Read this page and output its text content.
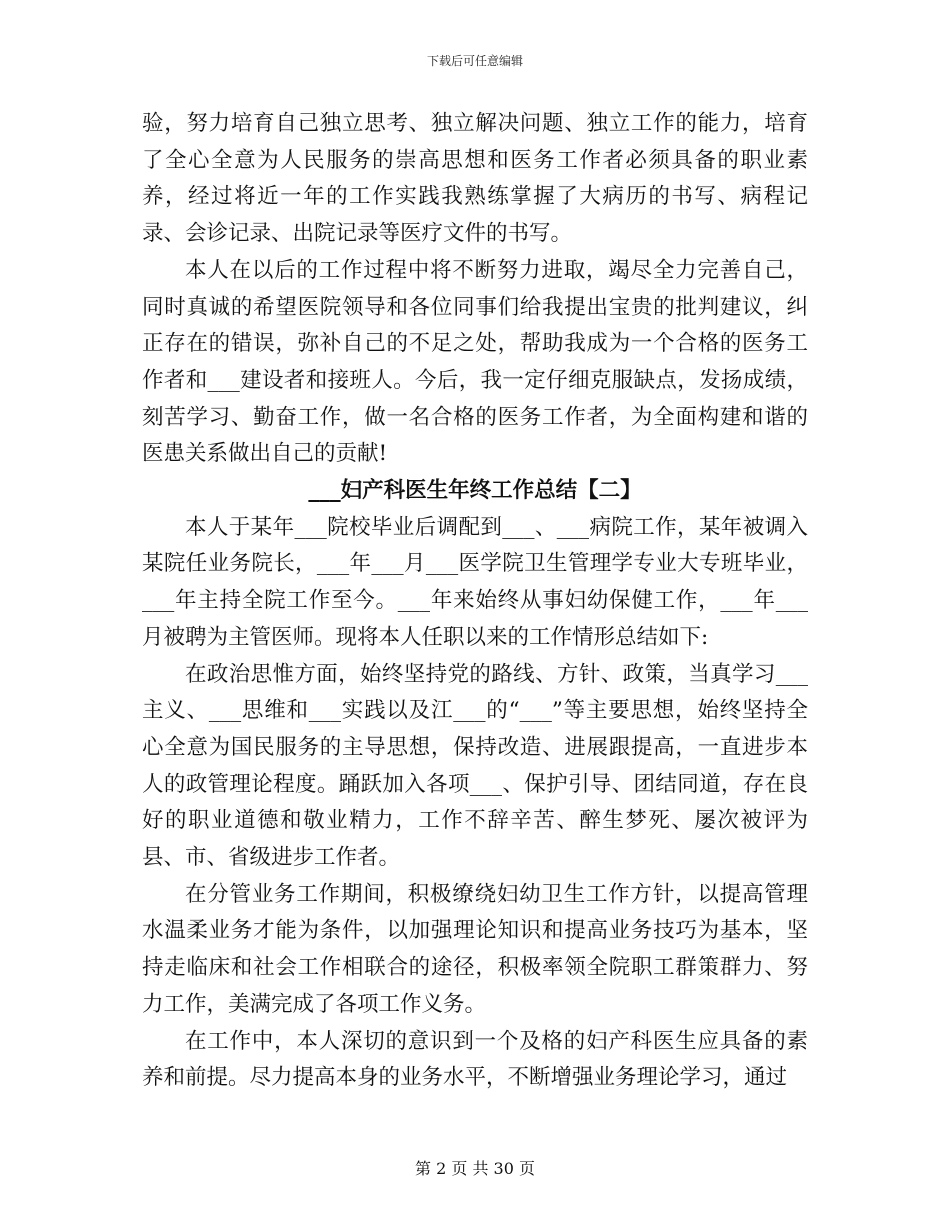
下载后可任意编辑

验，努力培育自己独立思考、独立解决问题、独立工作的能力，培育了全心全意为人民服务的崇高思想和医务工作者必须具备的职业素养，经过将近一年的工作实践我熟练掌握了大病历的书写、病程记录、会诊记录、出院记录等医疗文件的书写。

本人在以后的工作过程中将不断努力进取，竭尽全力完善自己，同时真诚的希望医院领导和各位同事们给我提出宝贵的批判建议，纠正存在的错误，弥补自己的不足之处，帮助我成为一个合格的医务工作者和___建设者和接班人。今后，我一定仔细克服缺点，发扬成绩，刻苦学习、勤奋工作，做一名合格的医务工作者，为全面构建和谐的医患关系做出自己的贡献!

___妇产科医生年终工作总结【二】

本人于某年___院校毕业后调配到___、___病院工作，某年被调入某院任业务院长，___年___月___医学院卫生管理学专业大专班毕业，___年主持全院工作至今。___年来始终从事妇幼保健工作，___年___月被聘为主管医师。现将本人任职以来的工作情形总结如下:

在政治思惟方面，始终坚持党的路线、方针、政策，当真学习___主义、___思维和___实践以及江___的“___”等主要思想，始终坚持全心全意为国民服务的主导思想，保持改造、进展跟提高，一直进步本人的政管理论程度。踊跃加入各项___、保护引导、团结同道，存在良好的职业道德和敬业精力，工作不辞辛苦、醉生梦死、屡次被评为县、市、省级进步工作者。

在分管业务工作期间，积极缭绕妇幼卫生工作方针，以提高管理水温柔业务才能为条件，以加强理论知识和提高业务技巧为基本，坚持走临床和社会工作相联合的途径，积极率领全院职工群策群力、努力工作，美满完成了各项工作义务。

在工作中，本人深切的意识到一个及格的妇产科医生应具备的素养和前提。尽力提高本身的业务水平，不断增强业务理论学习，通过

第 2 页 共 30 页
